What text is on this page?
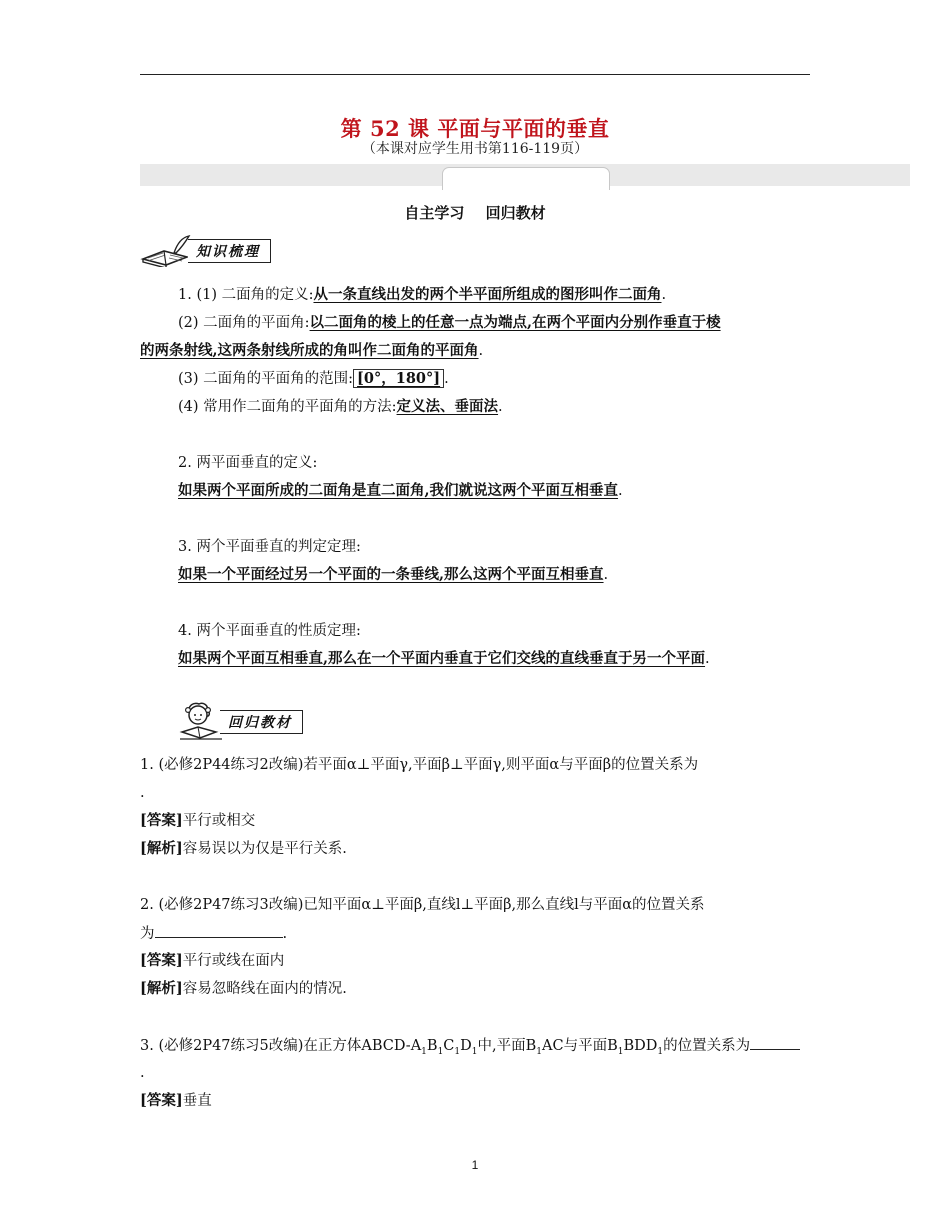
第 52 课 平面与平面的垂直
（本课对应学生用书第116-119页）
自主学习 回归教材
知识梳理
1. (1) 二面角的定义:从一条直线出发的两个半平面所组成的图形叫作二面角.
(2) 二面角的平面角:以二面角的棱上的任意一点为端点,在两个平面内分别作垂直于棱
的两条射线,这两条射线所成的角叫作二面角的平面角.
(3) 二面角的平面角的范围: [0°，180°] .
(4) 常用作二面角的平面角的方法:定义法、垂面法.
2. 两平面垂直的定义:
如果两个平面所成的二面角是直二面角,我们就说这两个平面互相垂直.
3. 两个平面垂直的判定定理:
如果一个平面经过另一个平面的一条垂线,那么这两个平面互相垂直.
4. 两个平面垂直的性质定理:
如果两个平面互相垂直,那么在一个平面内垂直于它们交线的直线垂直于另一个平面.
回归教材
1. (必修2P44练习2改编)若平面α⊥平面γ,平面β⊥平面γ,则平面α与平面β的位置关系为
.
[答案]平行或相交
[解析]容易误以为仅是平行关系.
2. (必修2P47练习3改编)已知平面α⊥平面β,直线l⊥平面β,那么直线l与平面α的位置关系
为	.
[答案]平行或线在面内
[解析]容易忽略线在面内的情况.
3. (必修2P47练习5改编)在正方体ABCD-$A_1B_1C_1D_1$中,平面$B_1AC$与平面$B_1BDD_1$的位置关系为
.
[答案]垂直
1
